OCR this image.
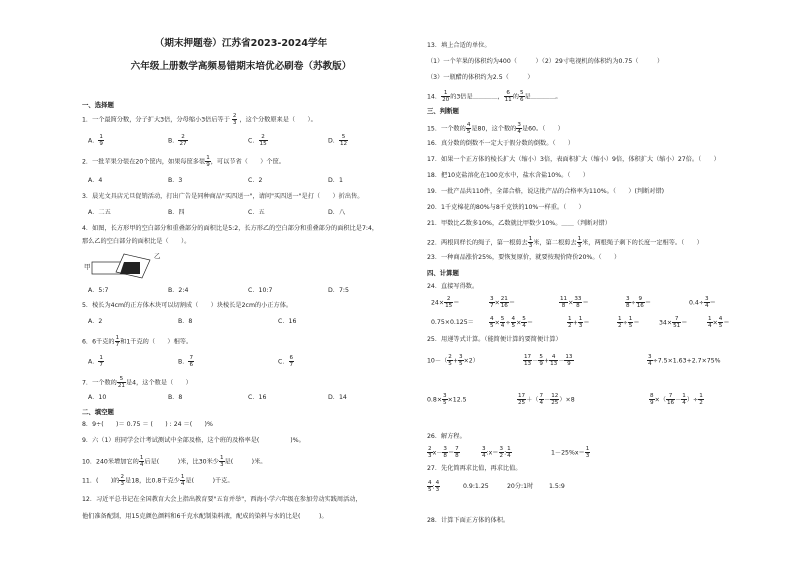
（期末押题卷）江苏省2023-2024学年
六年级上册数学高频易错期末培优必刷卷（苏教版）
一、选择题
1．一个最简分数，分子扩大3倍，分母缩小3倍后等于 $\frac{2}{3}$ ，这个分数原来是（　　）。
A． $\frac{1}{9}$	B． $\frac{2}{27}$	C． $\frac{2}{15}$	D． $\frac{5}{12}$
2．一批苹果分装在20个筐内，如果每筐多装 $\frac{1}{9}$ ，可以节省（　　）个筐。
A．4	B．3	C．2	D．1
3．晨光文具店元旦促销活动，打出广告是同种商品"买四送一"，请问"买四送一"是打（　　）折出售。
A．二五	B．四	C．五	D．八
4．如图，长方形甲的空白部分和重叠部分的面积比是5:2，长方形乙的空白部分和重叠部分的面积比是7:4，
那么乙的空白部分的面积比是（　　）。
甲
乙
A．5:7	B．2:4	C．10:7	D．7:5
5．棱长为4cm的正方体木块可以切割成（　　）块棱长是2cm的小正方体。
A．2	B．8	C．16
6．6千克的 $\frac{1}{7}$ 和1千克的（　　）相等。
A． $\frac{1}{7}$	B． $\frac{7}{6}$	C． $\frac{6}{7}$
7．一个数的 $\frac{5}{21}$ 是4，这个数是（　　）
A．10	B．8	C．16	D．14
二、填空题
8．9÷(　　)＝ 0.75 ＝ (　　) : 24 ＝(　　)%
9．六（1）班同学会计考试测试中全部及格，这个班的及格率是(　　　　　)%。
10．240米增加它的 $\frac{1}{4}$ 后是(　　　)米，比30米少 $\frac{1}{3}$ 是(　　　)米。
11．(　　)的 $\frac{2}{3}$ 是18，比0.8千克少 $\frac{1}{4}$ 是(　　　)千克。
12．习近平总书记在全国教育大会上指出教育要"五育并举"，西海小学六年级在参加劳动实践周活动，
他们准备配制，用15克颜色颜料和6千克水配制染料液，配成的染料与水的比是(　　　)。
13．填上合适的单位。
（1）一个苹果的体积约为400（　　　）（2）29寸电视机的体积约为0.75（　　　）
（3）一瓶醋的体积约为2.5（　　　）
14． $\frac{1}{20}$ 的3倍是＿＿＿＿， $\frac{6}{11}$ 的 $\frac{5}{6}$ 是＿＿＿＿。
三、判断题
15．一个数的 $\frac{4}{5}$ 是80，这个数的 $\frac{3}{4}$ 是60。（　　）
16．真分数的倒数不一定大于假分数的倒数。（　　）
17．如果一个正方体的棱长扩大（缩小）3倍，表面积扩大（缩小）9倍，体积扩大（缩小）27倍。（　　）
18．把10克盐溶化在100克水中，盐水含盐10%。（　　）
19．一批产品共110件，全部合格，说这批产品的合格率为110%。（　　）(判断对错)
20．1千克棉花的80%与8千克铁的10%一样重。（　　）
21．甲数比乙数多10%，乙数就比甲数少10%。＿＿（判断对错）
22．两根同样长的绳子，第一根剪去 $\frac{1}{3}$ 米，第二根剪去 $\frac{1}{3}$ 米，两根绳子剩下的长度一定相等。（　　）
23．一种商品涨价25%，要恢复原价，就要按现价降价20%。（　　）
四、计算题
24．直接写得数。
$24\times \frac{2}{15}$ ＝	$\frac{3}{7} \times \frac{21}{16}$ ＝	$\frac{11}{8} \times \frac{33}{8}$ ＝	$\frac{3}{8} \div \frac{9}{16}$ ＝	$0.4\div \frac{3}{4}$ ＝
0.75×0.125＝	$\frac{4}{5} \times \frac{5}{4} \div \frac{4}{5} \times \frac{5}{4}$ ＝	$\frac{1}{2} + \frac{1}{3}$ ＝	$\frac{1}{2} \div \frac{1}{5}$ ＝	$34\times \frac{7}{51}$ ＝	$\frac{1}{4} \times \frac{4}{5}$ ＝
25．用递等式计算。（能简便计算的要简便计算）
$10-( \frac{2}{5} + \frac{3}{5} \times 2)$	$\frac{17}{13} - \frac{5}{9} + \frac{4}{13} - \frac{13}{9}$	$\frac{3}{4} \div 7.5\times 1.63+2.7\times 75\%$
$0.8\times \frac{3}{5} \times 12.5$	$\frac{17}{25}$ ＋（ $\frac{7}{4} - \frac{12}{25} )\times 8$	$\frac{8}{9}$ ×（ $\frac{7}{16} - \frac{1}{4}$ ）÷ $\frac{1}{2}$
26．解方程。
$\frac{2}{3} x- \frac{3}{8} = \frac{7}{8}$	$\frac{3}{4}$ :x＝ $\frac{3}{2}$ : $\frac{1}{4}$	$1-25\%x= \frac{1}{3}$
27．先化简再求比值，再求比值。
$\frac{4}{5}$ : $\frac{4}{3}$	0.9:1.25	20分:1时	1.5:9
28．计算下面正方体的体积。
